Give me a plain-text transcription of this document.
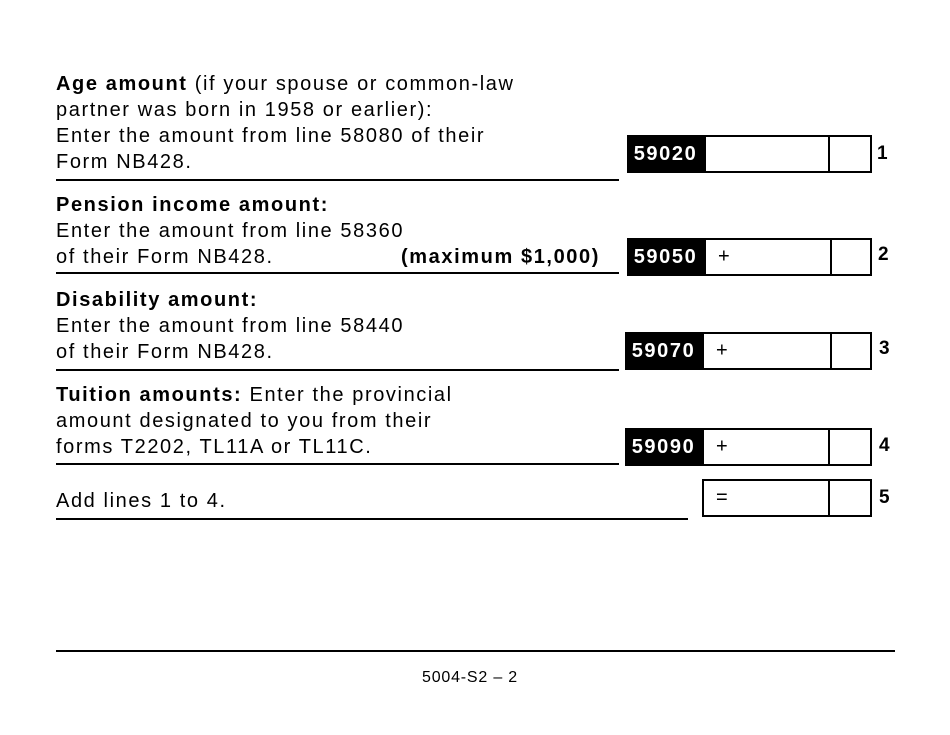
Age amount (if your spouse or common-law
partner was born in 1958 or earlier):
Enter the amount from line 58080 of their
Form NB428.	59020	1
Pension income amount:
Enter the amount from line 58360
of their Form NB428.	(maximum $1,000)	59050	+	2
Disability amount:
Enter the amount from line 58440
of their Form NB428.	59070	+	3
Tuition amounts: Enter the provincial
amount designated to you from their
forms T2202, TL11A or TL11C.	59090	+	4
Add lines 1 to 4.	=	5
5004-S2 – 2
